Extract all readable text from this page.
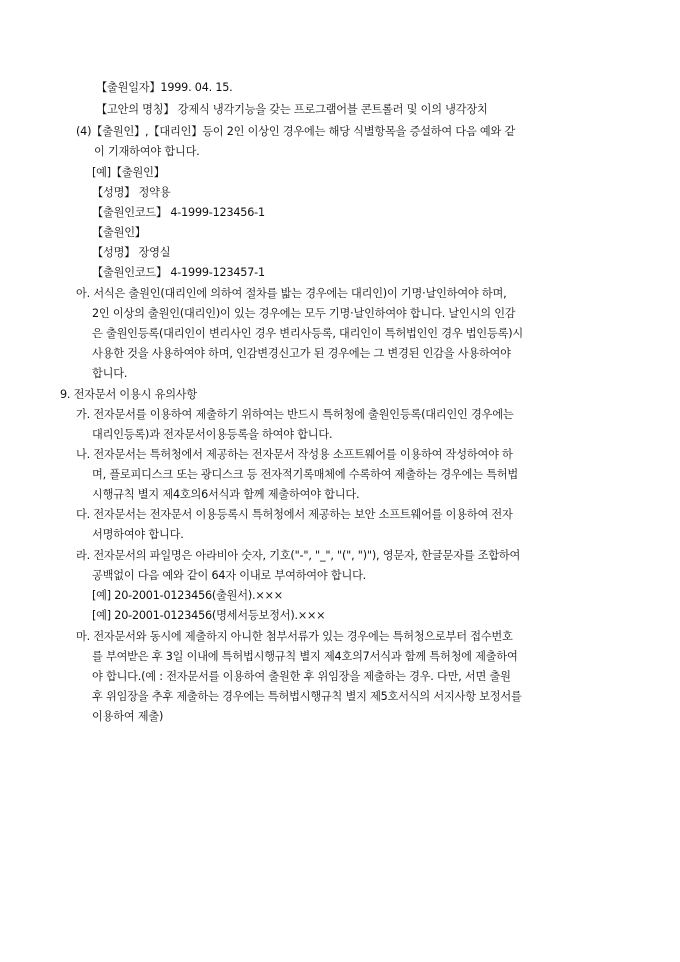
【출원일자】1999. 04. 15.
【고안의 명칭】 강제식 냉각기능을 갖는 프로그램어블 콘트롤러 및 이의 냉각장치
(4)【출원인】,【대리인】등이 2인 이상인 경우에는 해당 식별항목을 증설하여 다음 예와 같
이 기재하여야 합니다.
[예]【출원인】
【성명】 정약용
【출원인코드】 4-1999-123456-1
【출원인】
【성명】 장영실
【출원인코드】 4-1999-123457-1
아. 서식은 출원인(대리인에 의하여 절차를 밟는 경우에는 대리인)이 기명·날인하여야 하며,
2인 이상의 출원인(대리인)이 있는 경우에는 모두 기명·날인하여야 합니다. 날인시의 인감
은 출원인등록(대리인이 변리사인 경우 변리사등록, 대리인이 특허법인인 경우 법인등록)시
사용한 것을 사용하여야 하며, 인감변경신고가 된 경우에는 그 변경된 인감을 사용하여야
합니다.
9. 전자문서 이용시 유의사항
가. 전자문서를 이용하여 제출하기 위하여는 반드시 특허청에 출원인등록(대리인인 경우에는
대리인등록)과 전자문서이용등록을 하여야 합니다.
나. 전자문서는 특허청에서 제공하는 전자문서 작성용 소프트웨어를 이용하여 작성하여야 하
며, 플로피디스크 또는 광디스크 등 전자적기록매체에 수록하여 제출하는 경우에는 특허법
시행규칙 별지 제4호의6서식과 함께 제출하여야 합니다.
다. 전자문서는 전자문서 이용등록시 특허청에서 제공하는 보안 소프트웨어를 이용하여 전자
서명하여야 합니다.
라. 전자문서의 파일명은 아라비아 숫자, 기호("-", "_", "(", ")"), 영문자, 한글문자를 조합하여
공백없이 다음 예와 같이 64자 이내로 부여하여야 합니다.
[예] 20-2001-0123456(출원서).×××
[예] 20-2001-0123456(명세서등보정서).×××
마. 전자문서와 동시에 제출하지 아니한 첨부서류가 있는 경우에는 특허청으로부터 접수번호
를 부여받은 후 3일 이내에 특허법시행규칙 별지 제4호의7서식과 함께 특허청에 제출하여
야 합니다.(예 : 전자문서를 이용하여 출원한 후 위임장을 제출하는 경우. 다만, 서면 출원
후 위임장을 추후 제출하는 경우에는 특허법시행규칙 별지 제5호서식의 서지사항 보정서를
이용하여 제출)
